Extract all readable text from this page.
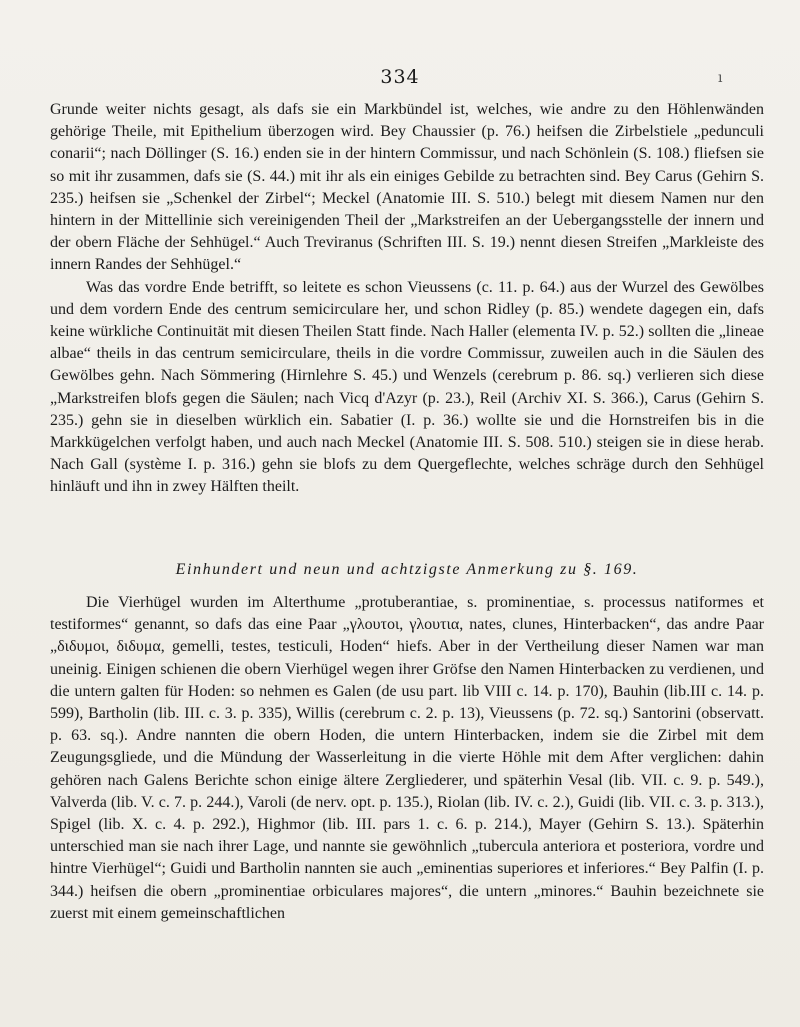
334	ı

Grunde weiter nichts gesagt, als dafs sie ein Markbündel ist, welches, wie andre zu den Höhlenwänden gehörige Theile, mit Epithelium überzogen wird. Bey Chaussier (p. 76.) heifsen die Zirbelstiele „pedunculi conarii“; nach Döllinger (S. 16.) enden sie in der hintern Commissur, und nach Schönlein (S. 108.) fliefsen sie so mit ihr zusammen, dafs sie (S. 44.) mit ihr als ein einiges Gebilde zu betrachten sind. Bey Carus (Gehirn S. 235.) heifsen sie „Schenkel der Zirbel“; Meckel (Anatomie III. S. 510.) belegt mit diesem Namen nur den hintern in der Mittellinie sich vereinigenden Theil der „Markstreifen an der Uebergangsstelle der innern und der obern Fläche der Sehhügel.“ Auch Treviranus (Schriften III. S. 19.) nennt diesen Streifen „Markleiste des innern Randes der Sehhügel.“

Was das vordre Ende betrifft, so leitete es schon Vieussens (c. 11. p. 64.) aus der Wurzel des Gewölbes und dem vordern Ende des centrum semicirculare her, und schon Ridley (p. 85.) wendete dagegen ein, dafs keine würkliche Continuität mit diesen Theilen Statt finde. Nach Haller (elementa IV. p. 52.) sollten die „lineae albae“ theils in das centrum semicirculare, theils in die vordre Commissur, zuweilen auch in die Säulen des Gewölbes gehn. Nach Sömmering (Hirnlehre S. 45.) und Wenzels (cerebrum p. 86. sq.) verlieren sich diese „Markstreifen blofs gegen die Säulen; nach Vicq d'Azyr (p. 23.), Reil (Archiv XI. S. 366.), Carus (Gehirn S. 235.) gehn sie in dieselben würklich ein. Sabatier (I. p. 36.) wollte sie und die Hornstreifen bis in die Markkügelchen verfolgt haben, und auch nach Meckel (Anatomie III. S. 508. 510.) steigen sie in diese herab. Nach Gall (système I. p. 316.) gehn sie blofs zu dem Quergeflechte, welches schräge durch den Sehhügel hinläuft und ihn in zwey Hälften theilt.

Einhundert und neun und achtzigste Anmerkung zu §. 169.

Die Vierhügel wurden im Alterthume „protuberantiae, s. prominentiae, s. processus natiformes et testiformes“ genannt, so dafs das eine Paar „γλουτοι, γλουτια, nates, clunes, Hinterbacken“, das andre Paar „διδυμοι, διδυμα, gemelli, testes, testiculi, Hoden“ hiefs. Aber in der Vertheilung dieser Namen war man uneinig. Einigen schienen die obern Vierhügel wegen ihrer Gröfse den Namen Hinterbacken zu verdienen, und die untern galten für Hoden: so nehmen es Galen (de usu part. lib VIII c. 14. p. 170), Bauhin (lib.III c. 14. p. 599), Bartholin (lib. III. c. 3. p. 335), Willis (cerebrum c. 2. p. 13), Vieussens (p. 72. sq.) Santorini (observatt. p. 63. sq.). Andre nannten die obern Hoden, die untern Hinterbacken, indem sie die Zirbel mit dem Zeugungsgliede, und die Mündung der Wasserleitung in die vierte Höhle mit dem After verglichen: dahin gehören nach Galens Berichte schon einige ältere Zergliederer, und späterhin Vesal (lib. VII. c. 9. p. 549.), Valverda (lib. V. c. 7. p. 244.), Varoli (de nerv. opt. p. 135.), Riolan (lib. IV. c. 2.), Guidi (lib. VII. c. 3. p. 313.), Spigel (lib. X. c. 4. p. 292.), Highmor (lib. III. pars 1. c. 6. p. 214.), Mayer (Gehirn S. 13.). Späterhin unterschied man sie nach ihrer Lage, und nannte sie gewöhnlich „tubercula anteriora et posteriora, vordre und hintre Vierhügel“; Guidi und Bartholin nannten sie auch „eminentias superiores et inferiores.“ Bey Palfin (I. p. 344.) heifsen die obern „prominentiae orbiculares majores“, die untern „minores.“ Bauhin bezeichnete sie zuerst mit einem gemeinschaftlichen
